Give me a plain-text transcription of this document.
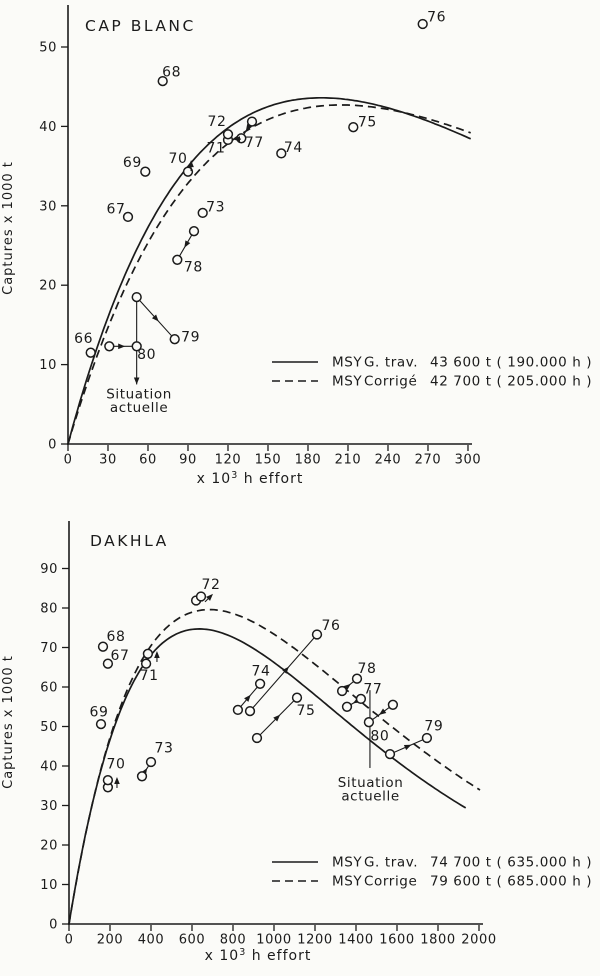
Situation
actuelle
66
67
68
69 70
71
72
73
74
75
76
77
78
79
80
0 30 60 90 120 150 180 210 240 270 300
0
10
20
30
40
50
CAP BLANC
x $10^3$ h effort
Captures x 1000 t
MSY G. trav. 43 600 t ( 190.000 h )
MSY Corrigé 42 700 t ( 205.000 h )
Situation
actuelle
67
68
69
70
71
72
73
74
75
76
77
78
79
80
0 200 400 600 800 1000 1200 1400 1600 1800 2000
0
10
20
30
40
50
60
70
80
90
DAKHLA
x $10^3$ h effort
Captures x 1000 t
MSY G. trav. 74 700 t ( 635.000 h )
MSY Corrige 79 600 t ( 685.000 h )
